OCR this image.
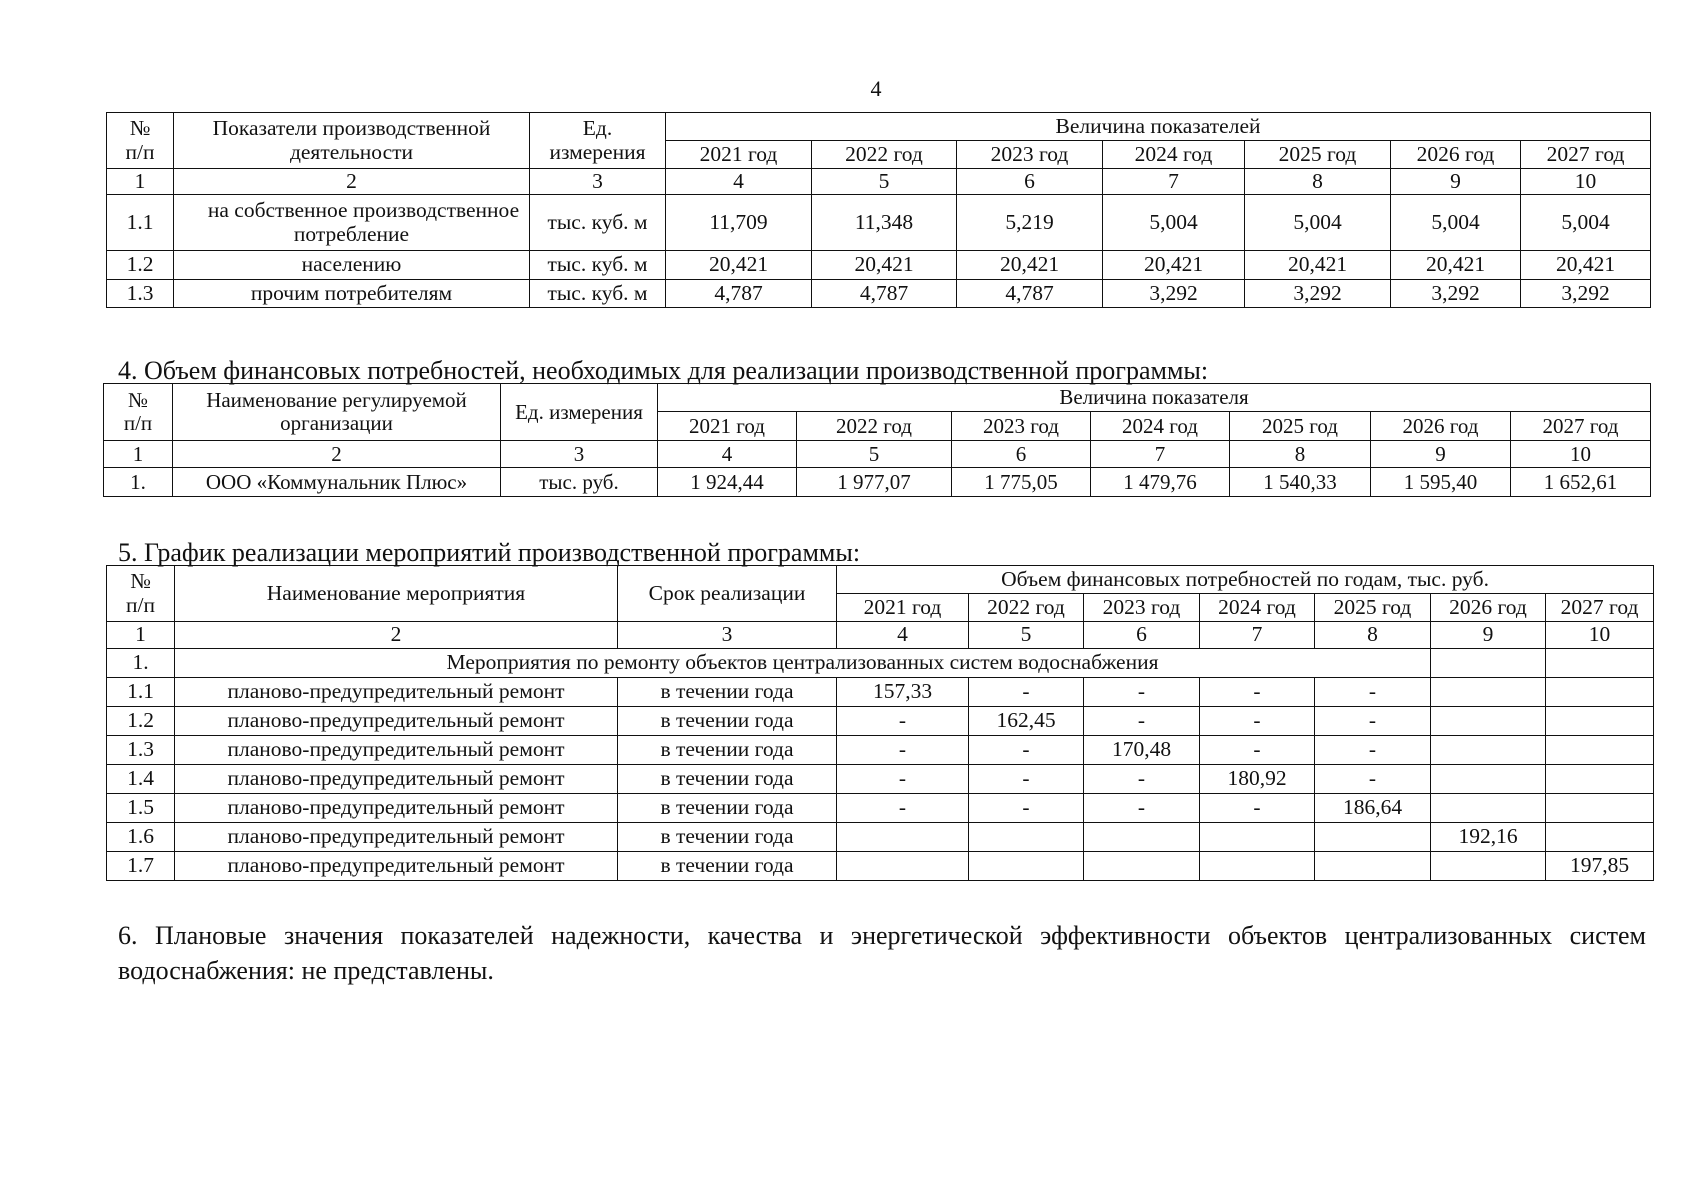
4
№
п/п	Показатели производственной деятельности	Ед. измерения	Величина показателей						
			2021 год	2022 год	2023 год	2024 год	2025 год	2026 год	2027 год
1	2	3	4	5	6	7	8	9	10
1.1	на собственное производственное потребление	тыс. куб. м	11,709	11,348	5,219	5,004	5,004	5,004	5,004
1.2	населению	тыс. куб. м	20,421	20,421	20,421	20,421	20,421	20,421	20,421
1.3	прочим потребителям	тыс. куб. м	4,787	4,787	4,787	3,292	3,292	3,292	3,292
4. Объем финансовых потребностей, необходимых для реализации производственной программы:
№
п/п	Наименование регулируемой организации	Ед. измерения	Величина показателя						
			2021 год	2022 год	2023 год	2024 год	2025 год	2026 год	2027 год
1	2	3	4	5	6	7	8	9	10
1.	ООО «Коммунальник Плюс»	тыс. руб.	1 924,44	1 977,07	1 775,05	1 479,76	1 540,33	1 595,40	1 652,61
5. График реализации мероприятий производственной программы:
№
п/п	Наименование мероприятия	Срок реализации	Объем финансовых потребностей по годам, тыс. руб.						
			2021 год	2022 год	2023 год	2024 год	2025 год	2026 год	2027 год
1	2	3	4	5	6	7	8	9	10
1.	Мероприятия по ремонту объектов централизованных систем водоснабжения								
1.1	планово-предупредительный ремонт	в течении года	157,33	-	-	-	-		
1.2	планово-предупредительный ремонт	в течении года	-	162,45	-	-	-		
1.3	планово-предупредительный ремонт	в течении года	-	-	170,48	-	-		
1.4	планово-предупредительный ремонт	в течении года	-	-	-	180,92	-		
1.5	планово-предупредительный ремонт	в течении года	-	-	-	-	186,64		
1.6	планово-предупредительный ремонт	в течении года						192,16	
1.7	планово-предупредительный ремонт	в течении года							197,85
6. Плановые значения показателей надежности, качества и энергетической эффективности объектов централизованных систем водоснабжения: не представлены.
